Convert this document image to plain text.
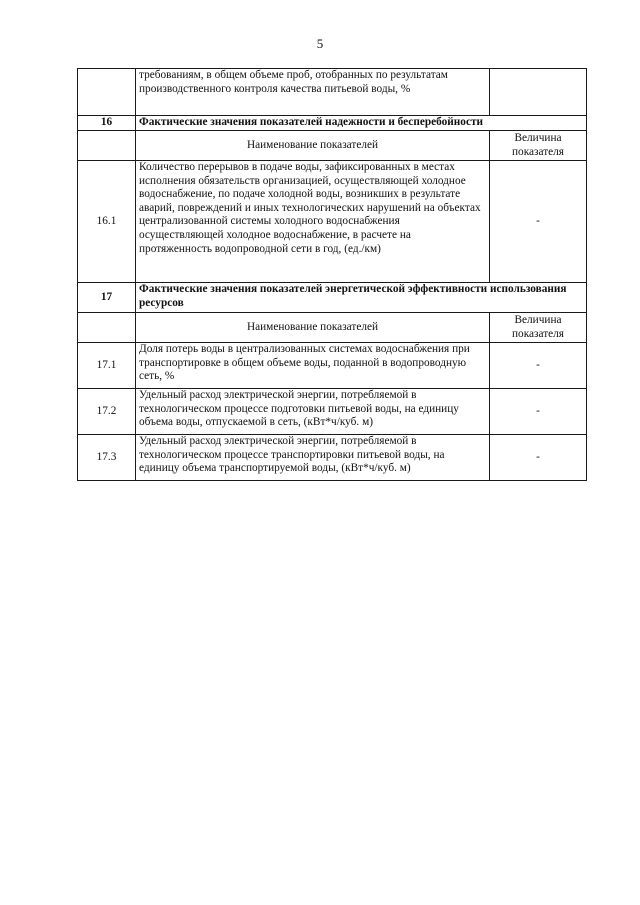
5
	требованиям, в общем объеме проб, отобранных по результатам производственного контроля качества питьевой воды, %	
16	Фактические значения показателей надежности и бесперебойности	
	Наименование показателей	Величина показателя
16.1	Количество перерывов в подаче воды, зафиксированных в местах исполнения обязательств организацией, осуществляющей холодное водоснабжение, по подаче холодной воды, возникших в результате аварий, повреждений и иных технологических нарушений на объектах централизованной системы холодного водоснабжения осуществляющей холодное водоснабжение, в расчете на протяженность водопроводной сети в год, (ед./км)	-
17	Фактические значения показателей энергетической эффективности использования ресурсов	
	Наименование показателей	Величина показателя
17.1	Доля потерь воды в централизованных системах водоснабжения при транспортировке в общем объеме воды, поданной в водопроводную сеть, %	-
17.2	Удельный расход электрической энергии, потребляемой в технологическом процессе подготовки питьевой воды, на единицу объема воды, отпускаемой в сеть, (кВт*ч/куб. м)	-
17.3	Удельный расход электрической энергии, потребляемой в технологическом процессе транспортировки питьевой воды, на единицу объема транспортируемой воды, (кВт*ч/куб. м)	-
